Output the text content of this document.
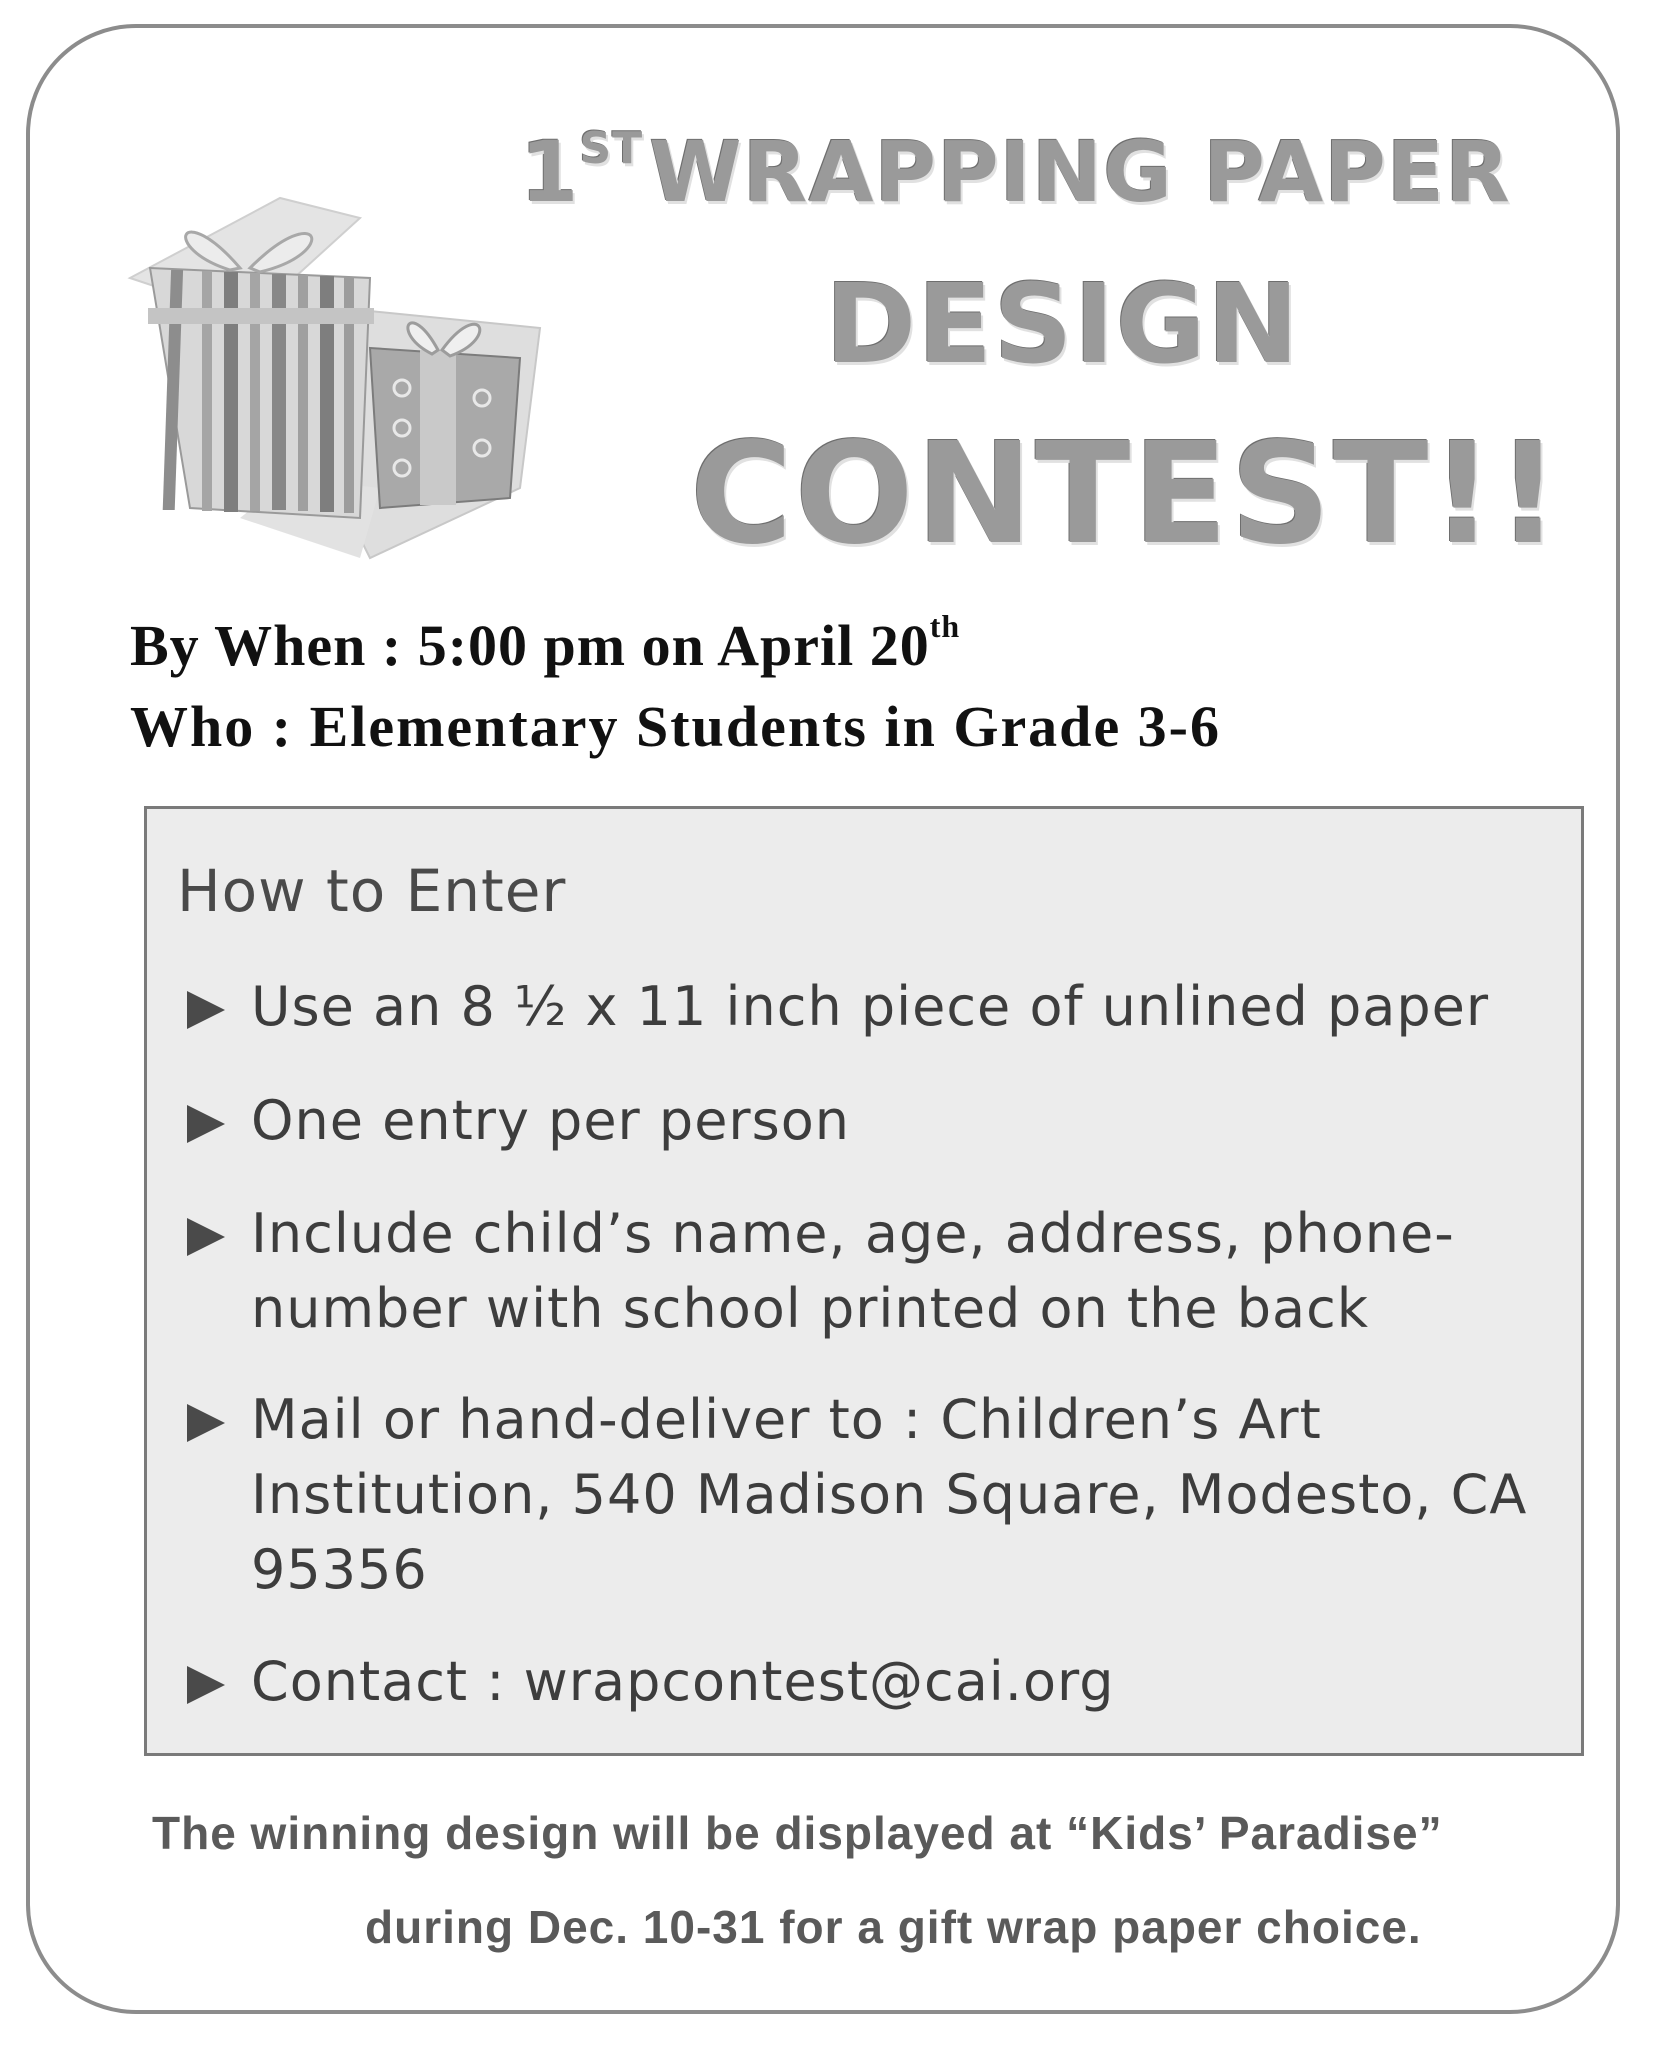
1STWRAPPING PAPER
DESIGN
CONTEST!!
By When : 5:00 pm on April 20th
Who : Elementary Students in Grade 3-6
How to Enter
Use an 8 ½ x 11 inch piece of unlined paper
One entry per person
Include child’s name, age, address, phone-number with school printed on the back
Mail or hand-deliver to : Children’s Art Institution, 540 Madison Square, Modesto, CA 95356
Contact : wrapcontest@cai.org
The winning design will be displayed at “Kids’ Paradise”
during Dec. 10-31 for a gift wrap paper choice.
